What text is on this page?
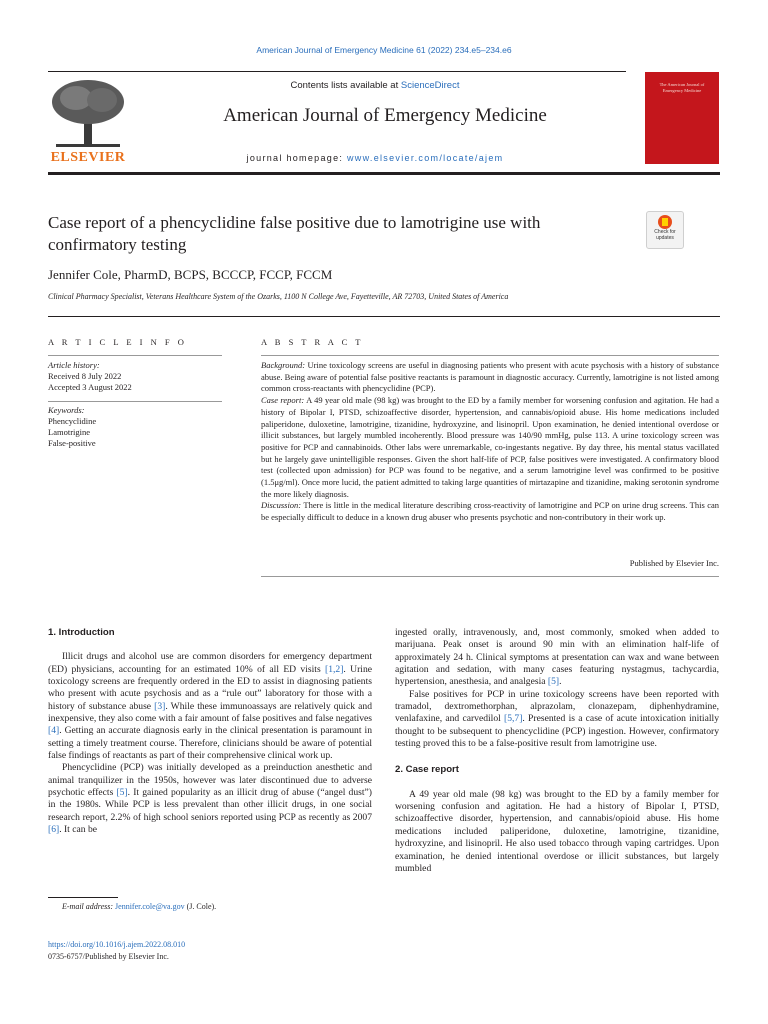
American Journal of Emergency Medicine 61 (2022) 234.e5–234.e6
ELSEVIER
Contents lists available at ScienceDirect
American Journal of Emergency Medicine
journal homepage: www.elsevier.com/locate/ajem
The American Journal of Emergency Medicine
Check for updates
Case report of a phencyclidine false positive due to lamotrigine use with confirmatory testing
Jennifer Cole, PharmD, BCPS, BCCCP, FCCP, FCCM
Clinical Pharmacy Specialist, Veterans Healthcare System of the Ozarks, 1100 N College Ave, Fayetteville, AR 72703, United States of America
A R T I C L E I N F O
Article history:
Received 8 July 2022
Accepted 3 August 2022
Keywords:
Phencyclidine
Lamotrigine
False-positive
A B S T R A C T

Background: Urine toxicology screens are useful in diagnosing patients who present with acute psychosis with a history of substance abuse. Being aware of potential false positive reactants is paramount in diagnostic accuracy. Currently, lamotrigine is not listed among common cross-reactants with phencyclidine (PCP).

Case report: A 49 year old male (98 kg) was brought to the ED by a family member for worsening confusion and agitation. He had a history of Bipolar I, PTSD, schizoaffective disorder, hypertension, and cannabis/opioid abuse. His home medications included paliperidone, duloxetine, lamotrigine, tizanidine, hydroxyzine, and lisinopril. Upon examination, he denied intentional overdose or illicit substances, but largely mumbled incoherently. Blood pressure was 140/90 mmHg, pulse 113. A urine toxicology screen was positive for PCP and cannabinoids. Other labs were unremarkable, co-ingestants negative. By day three, his mental status vacillated but he largely gave unintelligible responses. Given the short half-life of PCP, false positives were investigated. A confirmatory blood test (collected upon admission) for PCP was found to be negative, and a serum lamotrigine level was confirmed to be positive (1.5μg/ml). Once more lucid, the patient admitted to taking large quantities of mirtazapine and tizanidine, making serotonin syndrome the more likely diagnosis.

Discussion: There is little in the medical literature describing cross-reactivity of lamotrigine and PCP on urine drug screens. This can be especially difficult to deduce in a known drug abuser who presents psychotic and non-contributory in their work up.

Published by Elsevier Inc.
1. Introduction

Illicit drugs and alcohol use are common disorders for emergency department (ED) physicians, accounting for an estimated 10% of all ED visits [1,2]. Urine toxicology screens are frequently ordered in the ED to assist in diagnosing patients who present with acute psychosis and as a “rule out” laboratory for those with a history of substance abuse [3]. While these immunoassays are relatively quick and inexpensive, they also come with a fair amount of false positives and false negatives [4]. Getting an accurate diagnosis early in the clinical presentation is paramount in setting a timely treatment course. Therefore, clinicians should be aware of potential false findings of reactants as part of their comprehensive clinical work up.

Phencyclidine (PCP) was initially developed as a preinduction anesthetic and animal tranquilizer in the 1950s, however was later discontinued due to adverse psychotic effects [5]. It gained popularity as an illicit drug of abuse (“angel dust”) in the 1980s. While PCP is less prevalent than other illicit drugs, in one social research report, 2.2% of high school seniors reported using PCP as recently as 2007 [6]. It can be

ingested orally, intravenously, and, most commonly, smoked when added to marijuana. Peak onset is around 90 min with an elimination half-life of approximately 24 h. Clinical symptoms at presentation can wax and wane between agitation and sedation, with many cases featuring nystagmus, tachycardia, hypertension, anesthesia, and analgesia [5].

False positives for PCP in urine toxicology screens have been reported with tramadol, dextromethorphan, alprazolam, clonazepam, diphenhydramine, venlafaxine, and carvedilol [5,7]. Presented is a case of acute intoxication initially thought to be subsequent to phencyclidine (PCP) ingestion. However, confirmatory testing proved this to be a false-positive result from lamotrigine use.

2. Case report

A 49 year old male (98 kg) was brought to the ED by a family member for worsening confusion and agitation. He had a history of Bipolar I, PTSD, schizoaffective disorder, hypertension, and cannabis/opioid abuse. His home medications included paliperidone, duloxetine, lamotrigine, tizanidine, hydroxyzine, and lisinopril. He also used tobacco through vaping cartridges. Upon examination, he denied intentional overdose or illicit substances, but largely mumbled

E-mail address: Jennifer.cole@va.gov (J. Cole).
https://doi.org/10.1016/j.ajem.2022.08.010
0735-6757/Published by Elsevier Inc.
